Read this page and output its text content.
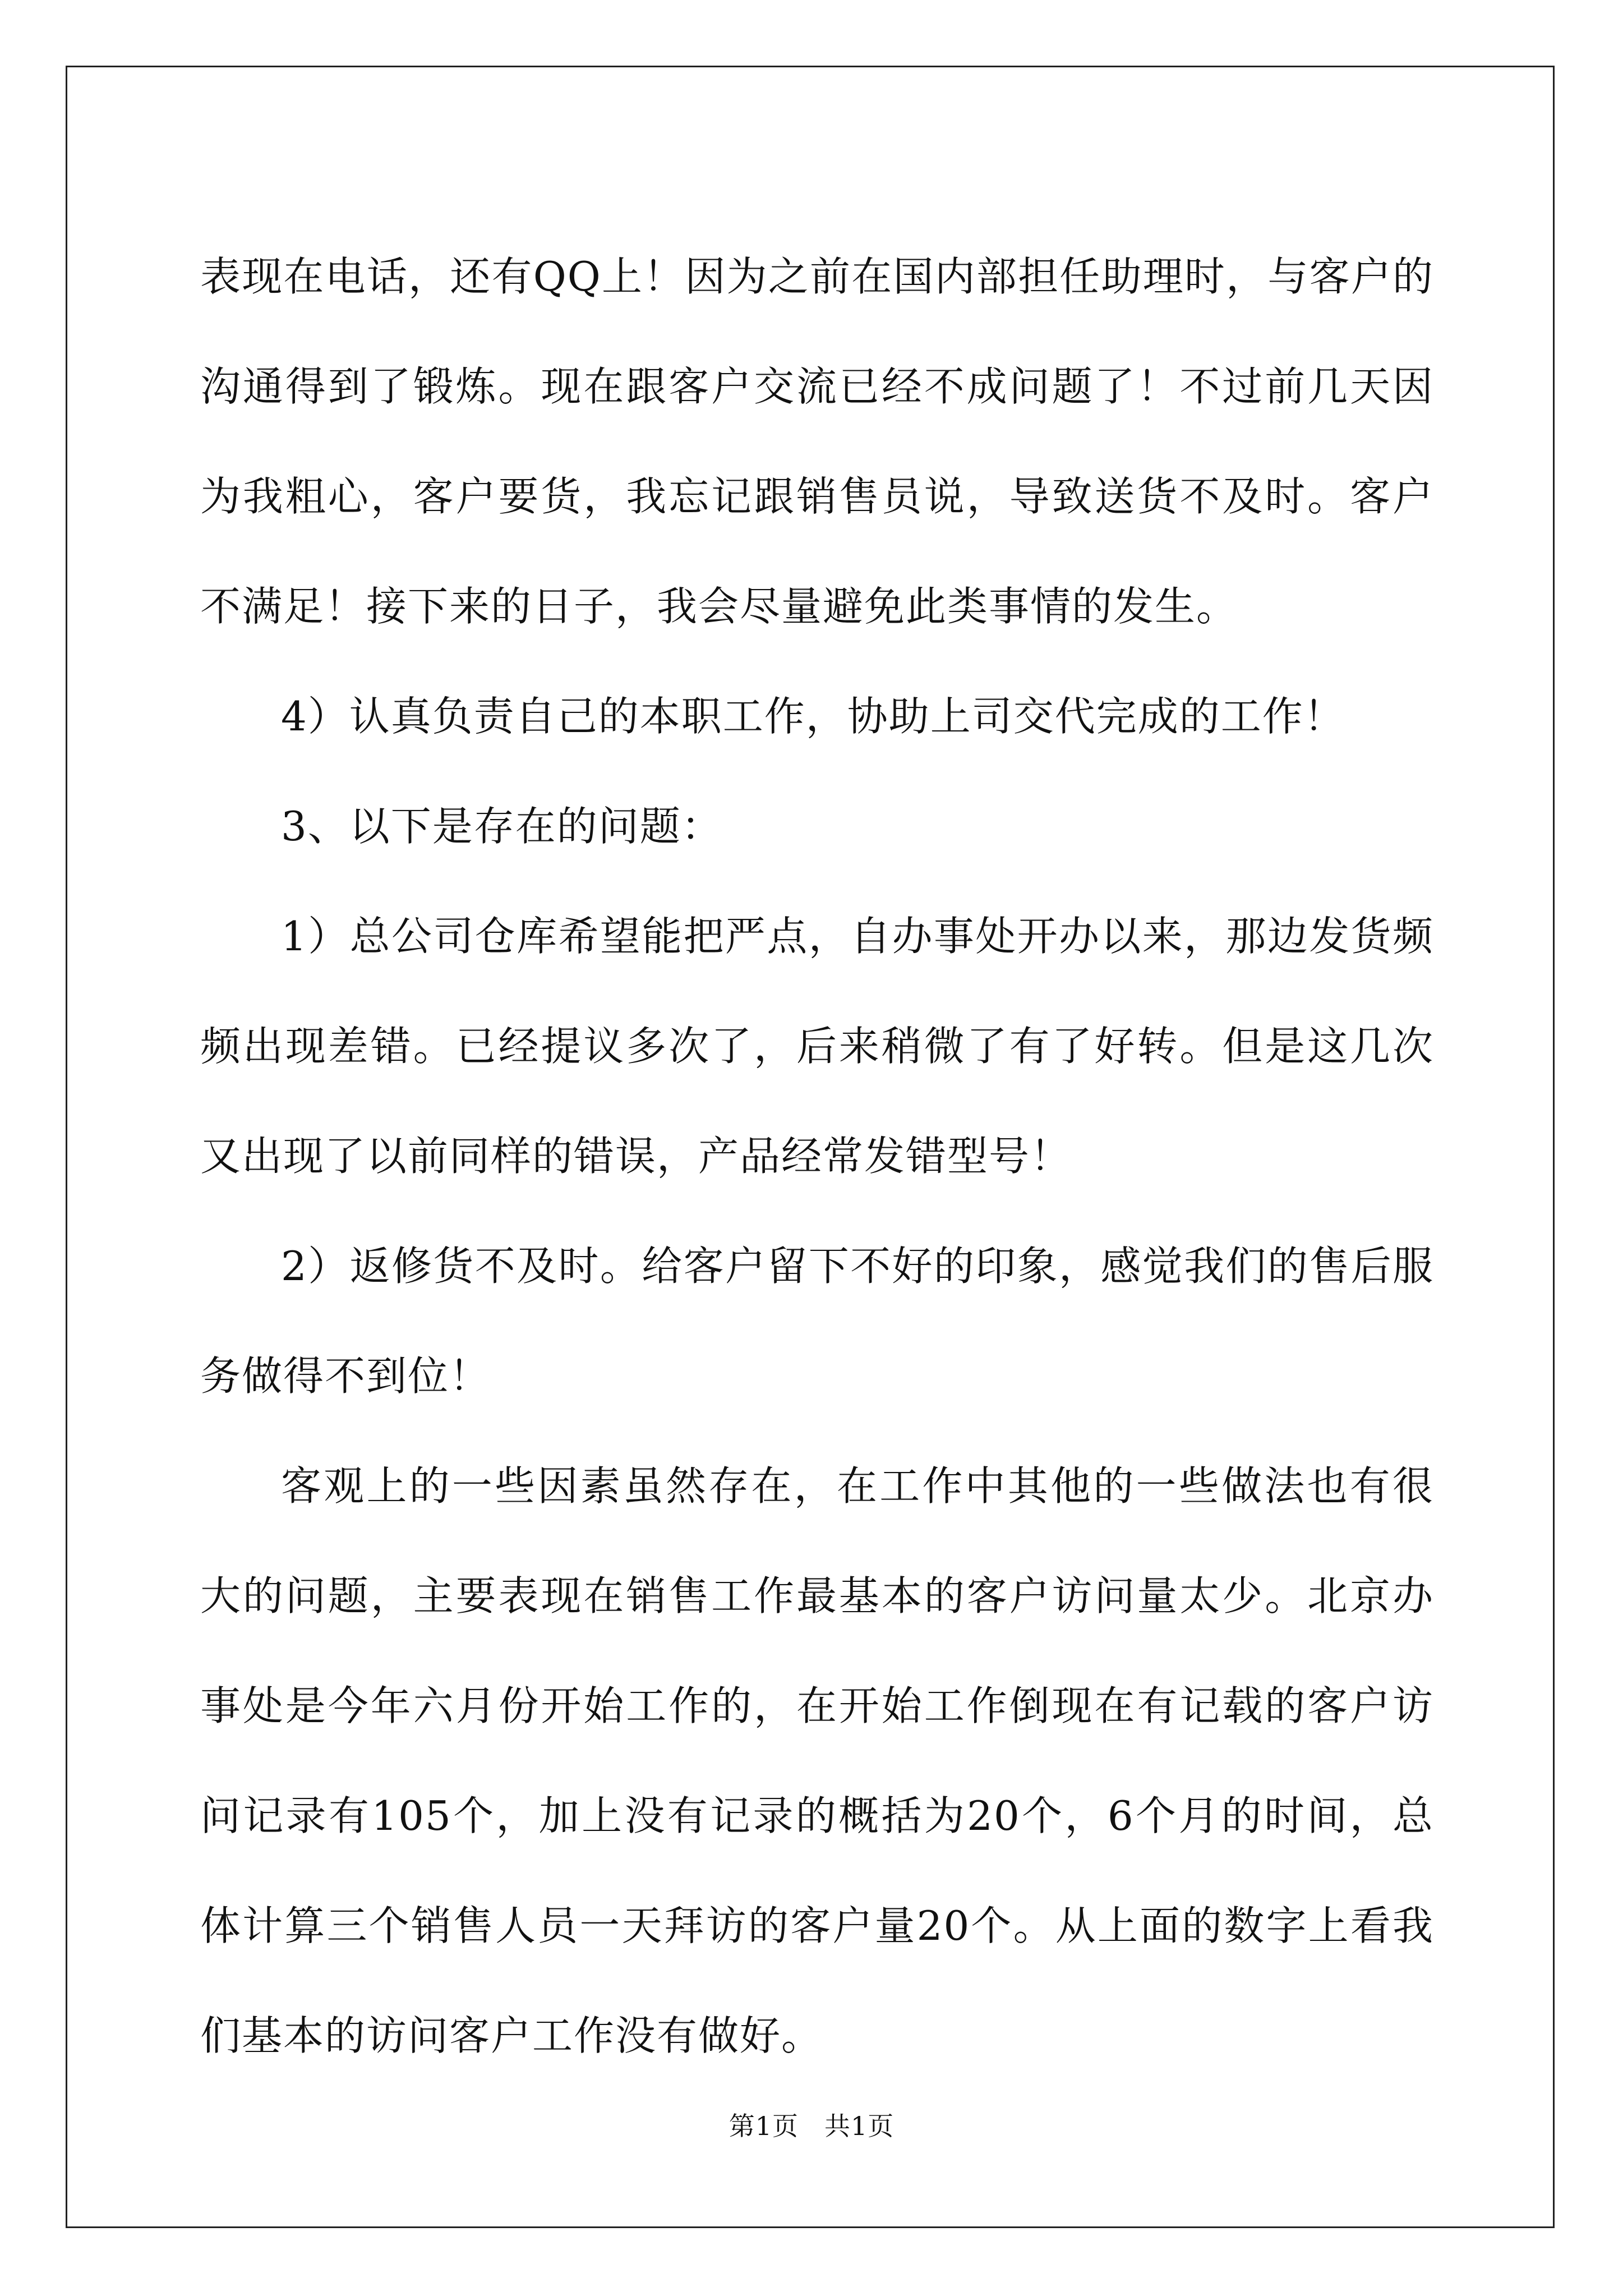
表现在电话，还有QQ上！因为之前在国内部担任助理时，与客户的沟通得到了锻炼。现在跟客户交流已经不成问题了！不过前几天因为我粗心，客户要货，我忘记跟销售员说，导致送货不及时。客户不满足！接下来的日子，我会尽量避免此类事情的发生。

4）认真负责自己的本职工作，协助上司交代完成的工作！

3、以下是存在的问题：

1）总公司仓库希望能把严点，自办事处开办以来，那边发货频频出现差错。已经提议多次了，后来稍微了有了好转。但是这几次又出现了以前同样的错误，产品经常发错型号！

2）返修货不及时。给客户留下不好的印象，感觉我们的售后服务做得不到位！

客观上的一些因素虽然存在，在工作中其他的一些做法也有很大的问题，主要表现在销售工作最基本的客户访问量太少。北京办事处是今年六月份开始工作的，在开始工作倒现在有记载的客户访问记录有105个，加上没有记录的概括为20个，6个月的时间，总体计算三个销售人员一天拜访的客户量20个。从上面的数字上看我们基本的访问客户工作没有做好。

第1页 共1页
